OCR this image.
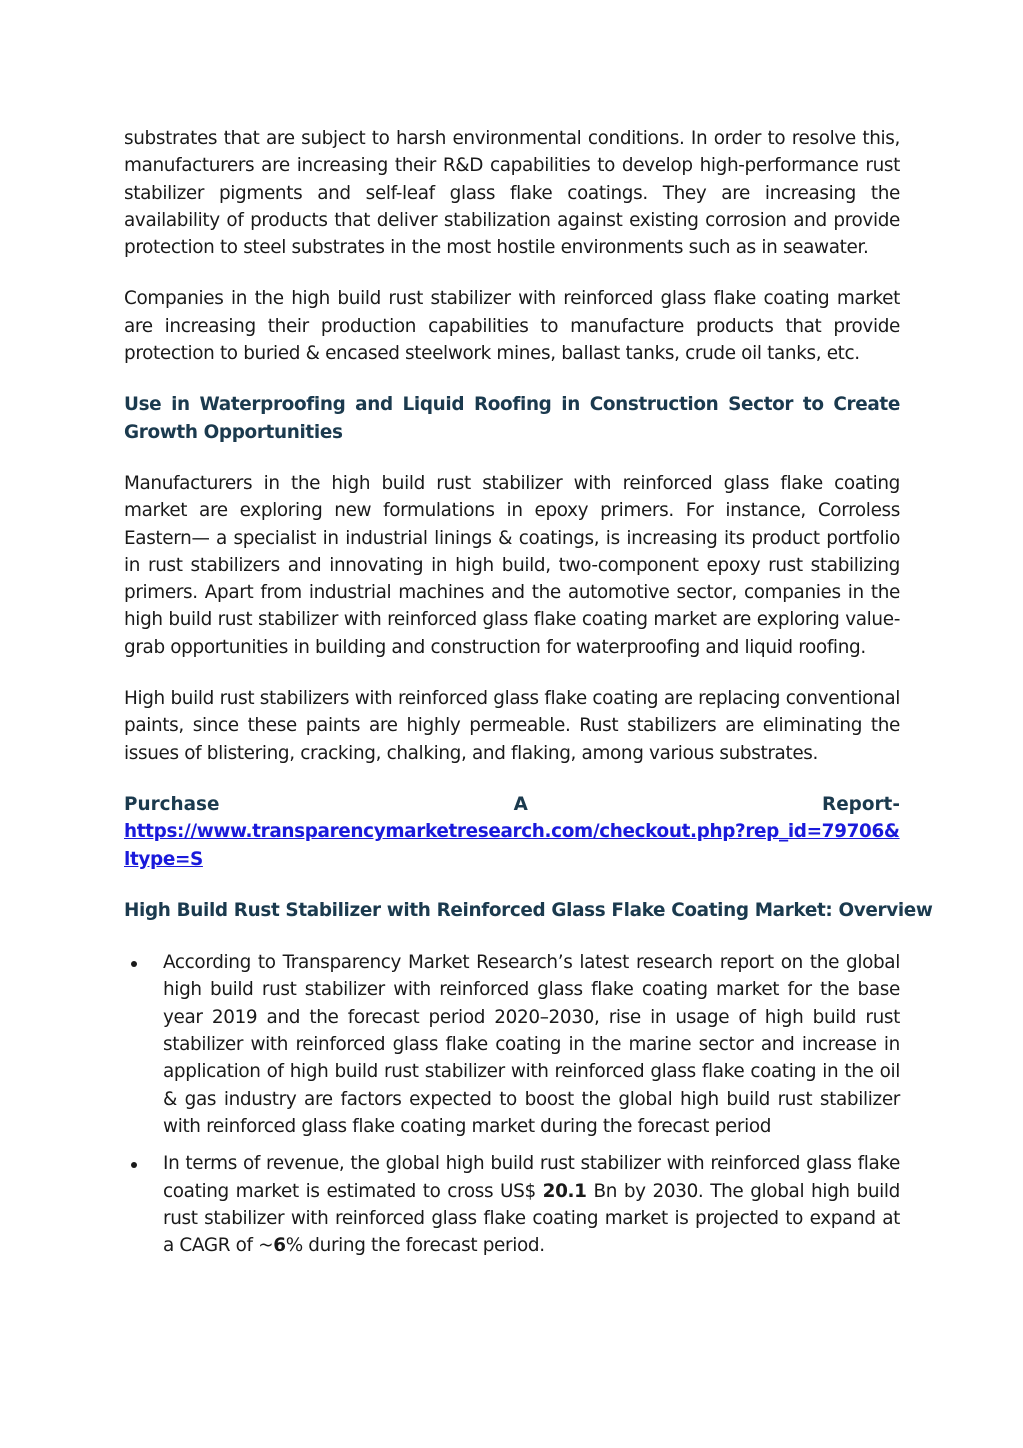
substrates that are subject to harsh environmental conditions. In order to resolve this, manufacturers are increasing their R&D capabilities to develop high-performance rust stabilizer pigments and self-leaf glass flake coatings. They are increasing the availability of products that deliver stabilization against existing corrosion and provide protection to steel substrates in the most hostile environments such as in seawater.

Companies in the high build rust stabilizer with reinforced glass flake coating market are increasing their production capabilities to manufacture products that provide protection to buried & encased steelwork mines, ballast tanks, crude oil tanks, etc.

Use in Waterproofing and Liquid Roofing in Construction Sector to Create Growth Opportunities

Manufacturers in the high build rust stabilizer with reinforced glass flake coating market are exploring new formulations in epoxy primers. For instance, Corroless Eastern— a specialist in industrial linings & coatings, is increasing its product portfolio in rust stabilizers and innovating in high build, two-component epoxy rust stabilizing primers. Apart from industrial machines and the automotive sector, companies in the high build rust stabilizer with reinforced glass flake coating market are exploring value-grab opportunities in building and construction for waterproofing and liquid roofing.

High build rust stabilizers with reinforced glass flake coating are replacing conventional paints, since these paints are highly permeable. Rust stabilizers are eliminating the issues of blistering, cracking, chalking, and flaking, among various substrates.

Purchase	A	Report-
https://www.transparencymarketresearch.com/checkout.php?rep_id=79706&ltype=S
High Build Rust Stabilizer with Reinforced Glass Flake Coating Market: Overview

According to Transparency Market Research’s latest research report on the global high build rust stabilizer with reinforced glass flake coating market for the base year 2019 and the forecast period 2020–2030, rise in usage of high build rust stabilizer with reinforced glass flake coating in the marine sector and increase in application of high build rust stabilizer with reinforced glass flake coating in the oil & gas industry are factors expected to boost the global high build rust stabilizer with reinforced glass flake coating market during the forecast period

In terms of revenue, the global high build rust stabilizer with reinforced glass flake coating market is estimated to cross US$ 20.1 Bn by 2030. The global high build rust stabilizer with reinforced glass flake coating market is projected to expand at a CAGR of ~6% during the forecast period.
